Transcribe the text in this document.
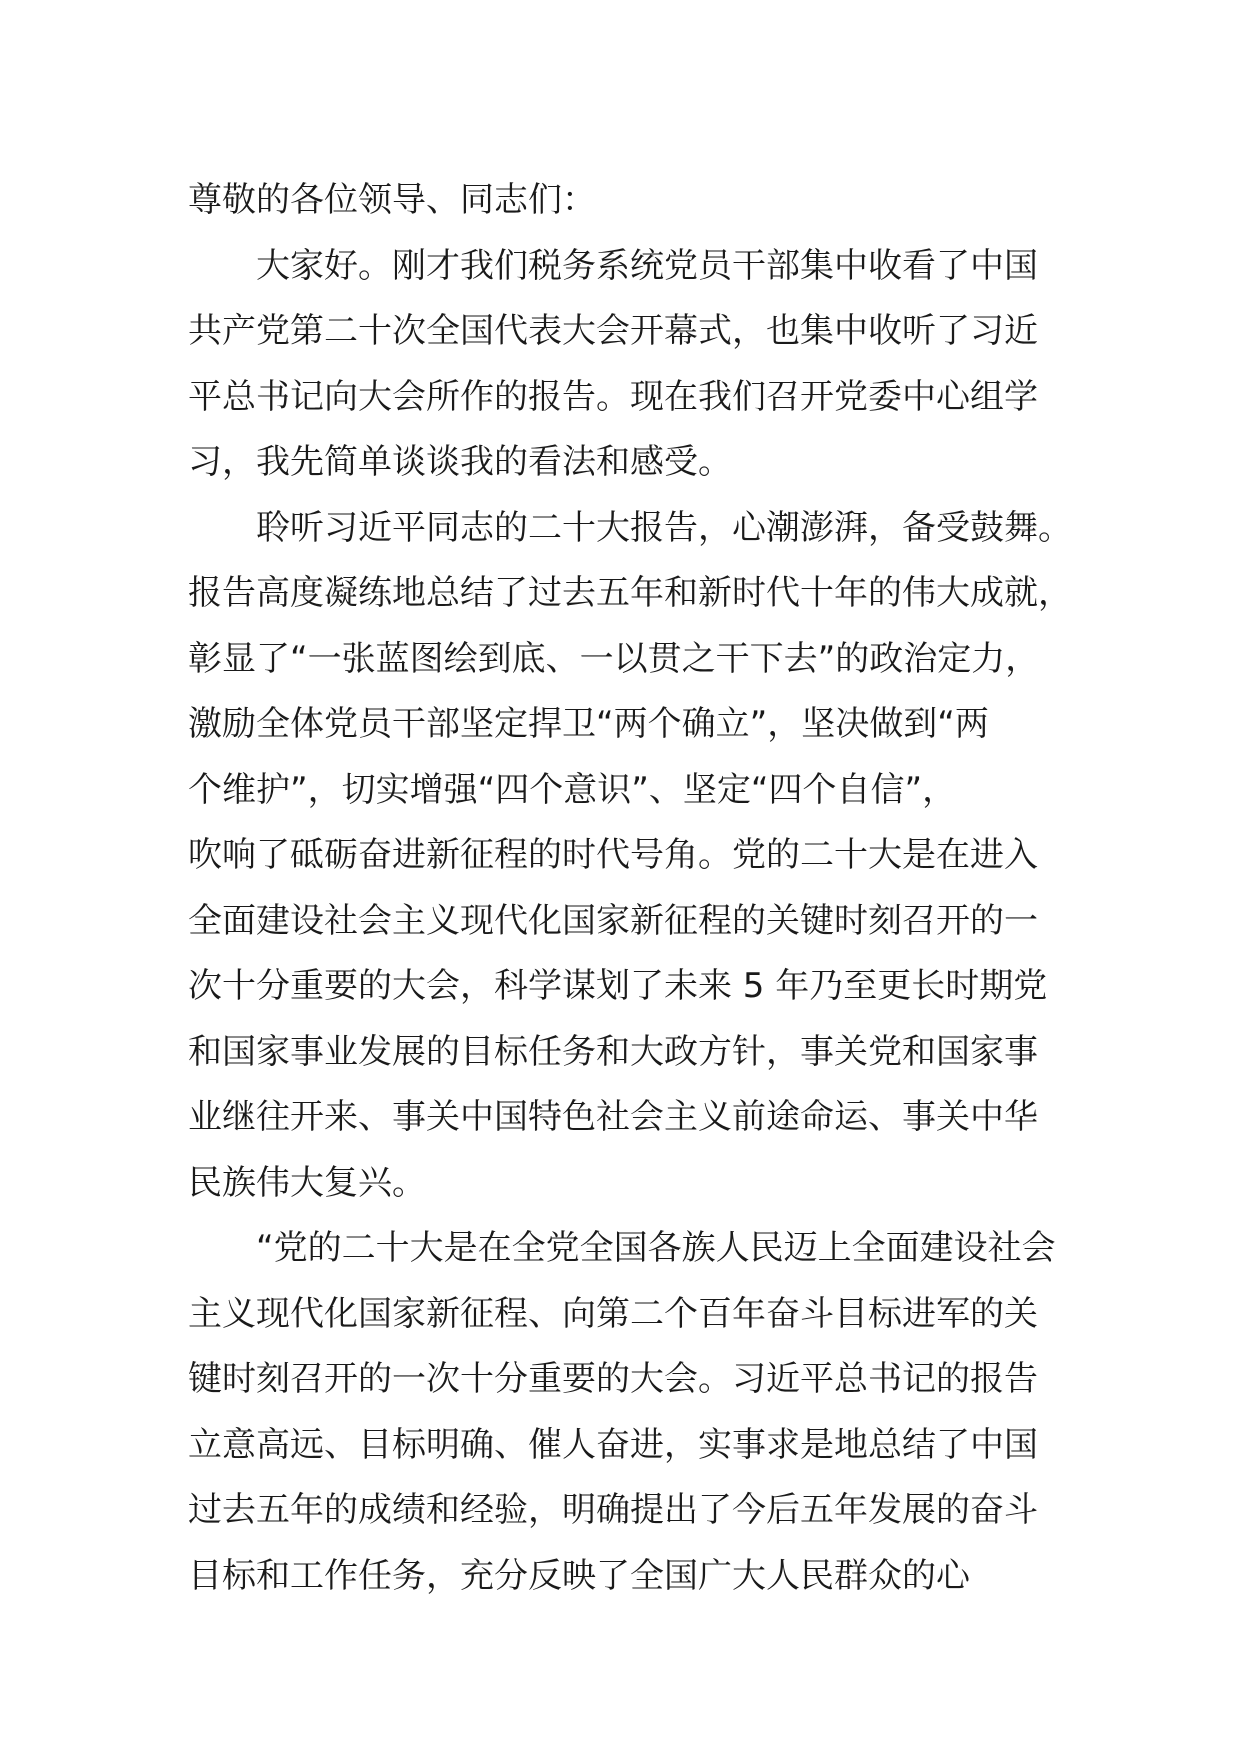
尊敬的各位领导、同志们：
大家好。刚才我们税务系统党员干部集中收看了中国
共产党第二十次全国代表大会开幕式，也集中收听了习近
平总书记向大会所作的报告。现在我们召开党委中心组学
习，我先简单谈谈我的看法和感受。
聆听习近平同志的二十大报告，心潮澎湃，备受鼓舞。
报告高度凝练地总结了过去五年和新时代十年的伟大成就，
彰显了“一张蓝图绘到底、一以贯之干下去”的政治定力，
激励全体党员干部坚定捍卫“两个确立”，坚决做到“两
个维护”，切实增强“四个意识”、坚定“四个自信”，
吹响了砥砺奋进新征程的时代号角。党的二十大是在进入
全面建设社会主义现代化国家新征程的关键时刻召开的一
次十分重要的大会，科学谋划了未来 5 年乃至更长时期党
和国家事业发展的目标任务和大政方针，事关党和国家事
业继往开来、事关中国特色社会主义前途命运、事关中华
民族伟大复兴。
“党的二十大是在全党全国各族人民迈上全面建设社会
主义现代化国家新征程、向第二个百年奋斗目标进军的关
键时刻召开的一次十分重要的大会。习近平总书记的报告
立意高远、目标明确、催人奋进，实事求是地总结了中国
过去五年的成绩和经验，明确提出了今后五年发展的奋斗
目标和工作任务，充分反映了全国广大人民群众的心
